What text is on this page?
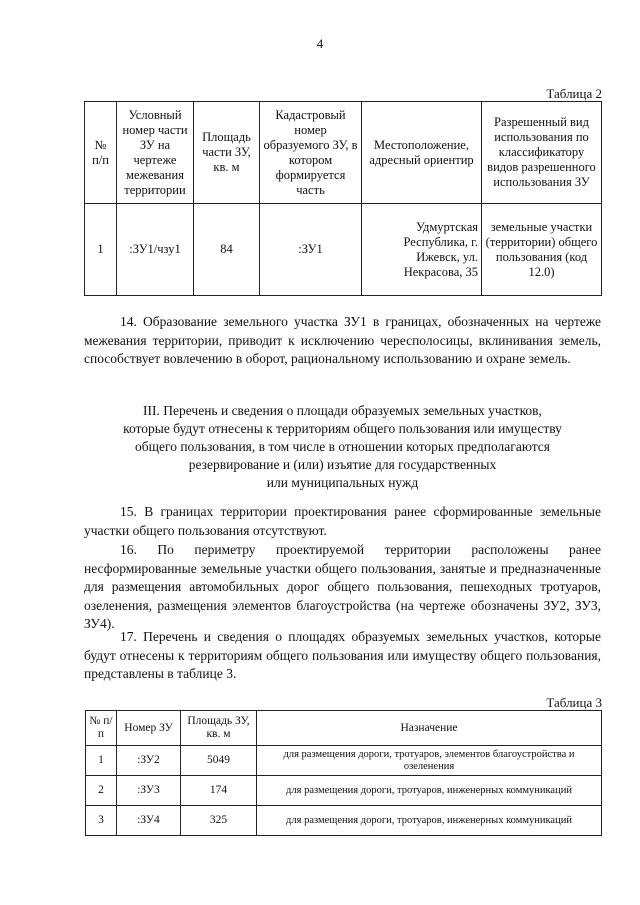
4
Таблица 2
№ п/п	Условный номер части ЗУ на чертеже межевания территории	Площадь части ЗУ, кв. м	Кадастровый номер образуемого ЗУ, в котором формируется часть	Местоположение, адресный ориентир	Разрешенный вид использования по классификатору видов разрешенного использования ЗУ
1	:ЗУ1/чзу1	84	:ЗУ1	Удмуртская Республика, г. Ижевск, ул. Некрасова, 35	земельные участки (территории) общего пользования (код 12.0)

14. Образование земельного участка ЗУ1 в границах, обозначенных на чертеже межевания территории, приводит к исключению чересполосицы, вклинивания земель, способствует вовлечению в оборот, рациональному использованию и охране земель.

III. Перечень и сведения о площади образуемых земельных участков,
которые будут отнесены к территориям общего пользования или имуществу
общего пользования, в том числе в отношении которых предполагаются
резервирование и (или) изъятие для государственных
или муниципальных нужд

15. В границах территории проектирования ранее сформированные земельные участки общего пользования отсутствуют.

16. По периметру проектируемой территории расположены ранее несформированные земельные участки общего пользования, занятые и предназначенные для размещения автомобильных дорог общего пользования, пешеходных тротуаров, озеленения, размещения элементов благоустройства (на чертеже обозначены ЗУ2, ЗУ3, ЗУ4).

17. Перечень и сведения о площадях образуемых земельных участков, которые будут отнесены к территориям общего пользования или имуществу общего пользования, представлены в таблице 3.

Таблица 3
№ п/п	Номер ЗУ	Площадь ЗУ, кв. м	Назначение
1	:ЗУ2	5049	для размещения дороги, тротуаров, элементов благоустройства и озеленения
2	:ЗУ3	174	для размещения дороги, тротуаров, инженерных коммуникаций
3	:ЗУ4	325	для размещения дороги, тротуаров, инженерных коммуникаций
